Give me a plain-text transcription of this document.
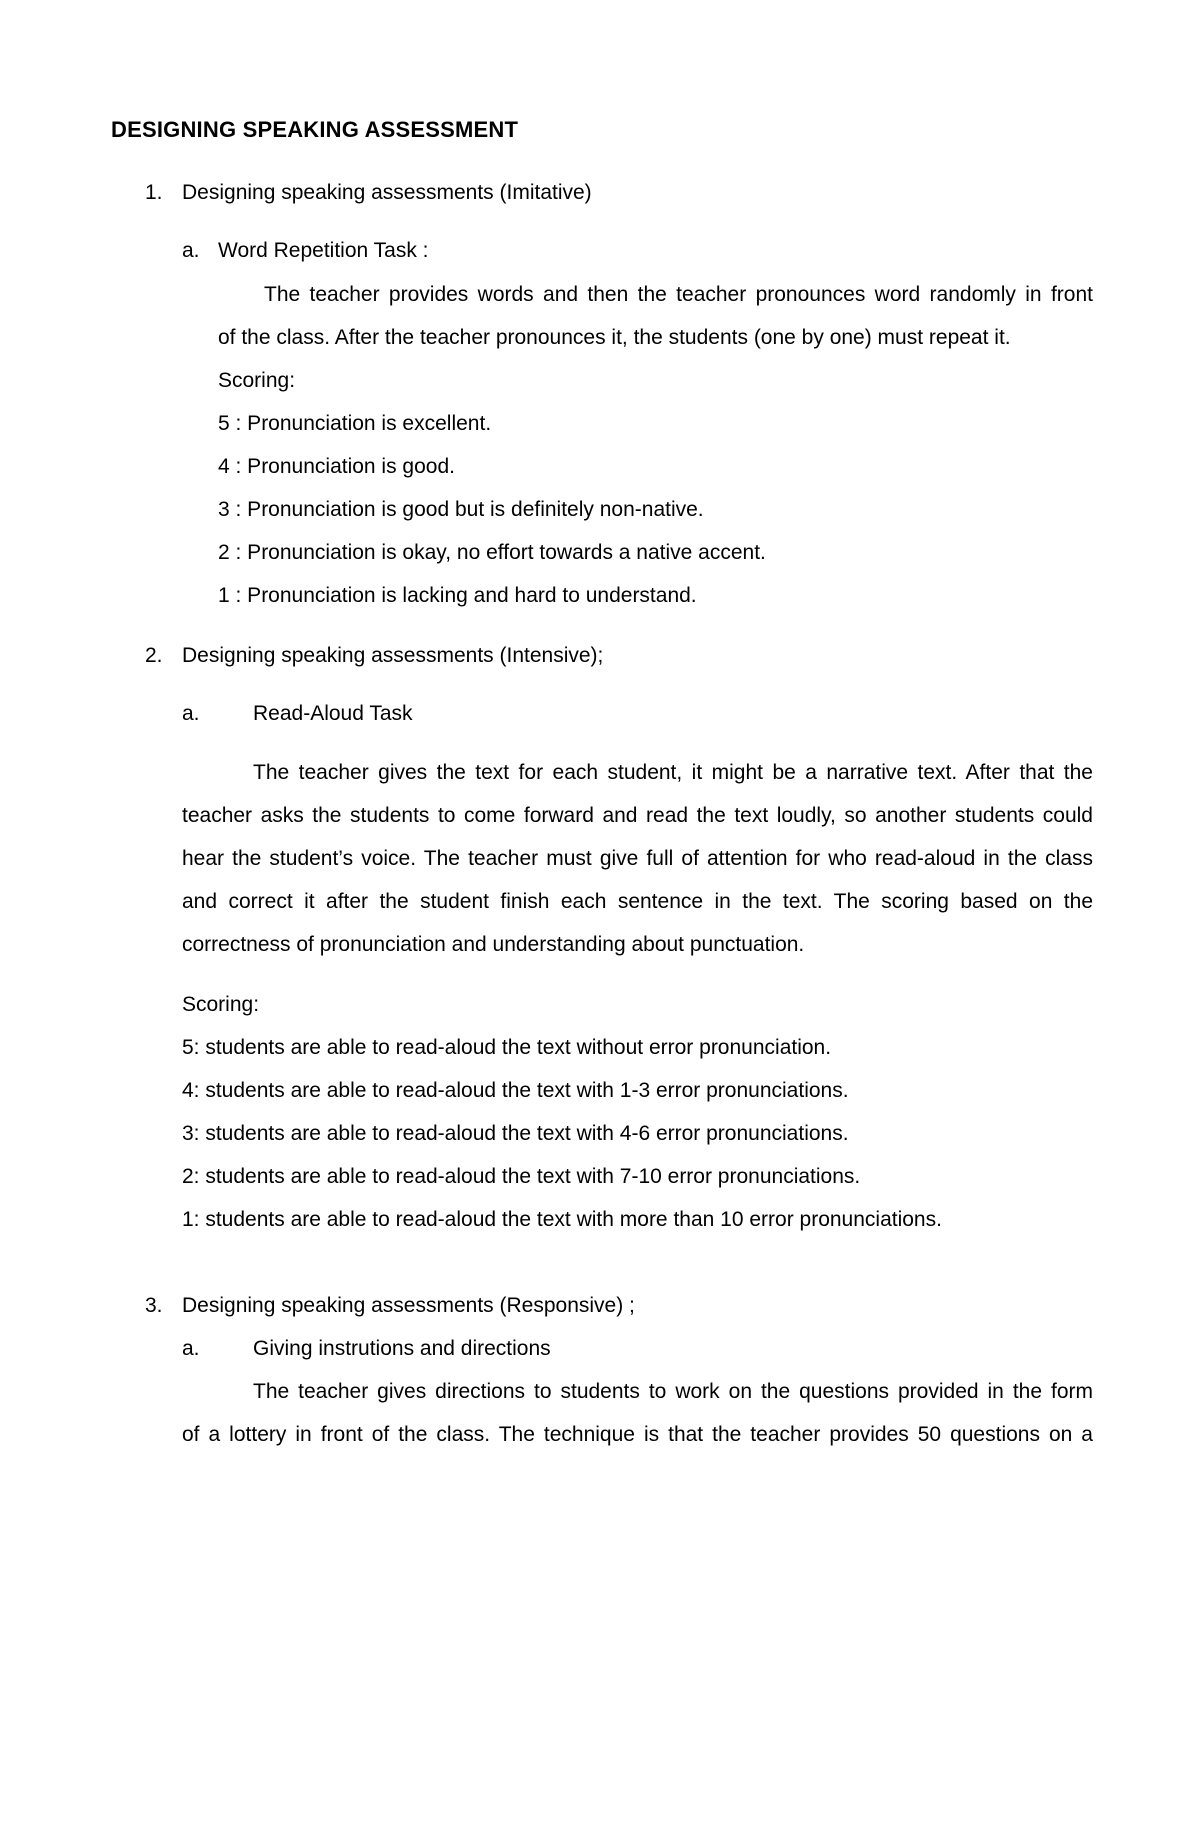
DESIGNING SPEAKING ASSESSMENT
1. Designing speaking assessments (Imitative)
a. Word Repetition Task :
The teacher provides words and then the teacher pronounces word randomly in front
of the class. After the teacher pronounces it, the students (one by one) must repeat it.
Scoring:
5 : Pronunciation is excellent.
4 : Pronunciation is good.
3 : Pronunciation is good but is definitely non-native.
2 : Pronunciation is okay, no effort towards a native accent.
1 : Pronunciation is lacking and hard to understand.
2. Designing speaking assessments (Intensive);
a.	Read-Aloud Task
The teacher gives the text for each student, it might be a narrative text. After that the
teacher asks the students to come forward and read the text loudly, so another students could
hear the student’s voice. The teacher must give full of attention for who read-aloud in the class
and correct it after the student finish each sentence in the text. The scoring based on the
correctness of pronunciation and understanding about punctuation.
Scoring:
5: students are able to read-aloud the text without error pronunciation.
4: students are able to read-aloud the text with 1-3 error pronunciations.
3: students are able to read-aloud the text with 4-6 error pronunciations.
2: students are able to read-aloud the text with 7-10 error pronunciations.
1: students are able to read-aloud the text with more than 10 error pronunciations.
3. Designing speaking assessments (Responsive) ;
a.	Giving instrutions and directions
The teacher gives directions to students to work on the questions provided in the form
of a lottery in front of the class. The technique is that the teacher provides 50 questions on a
